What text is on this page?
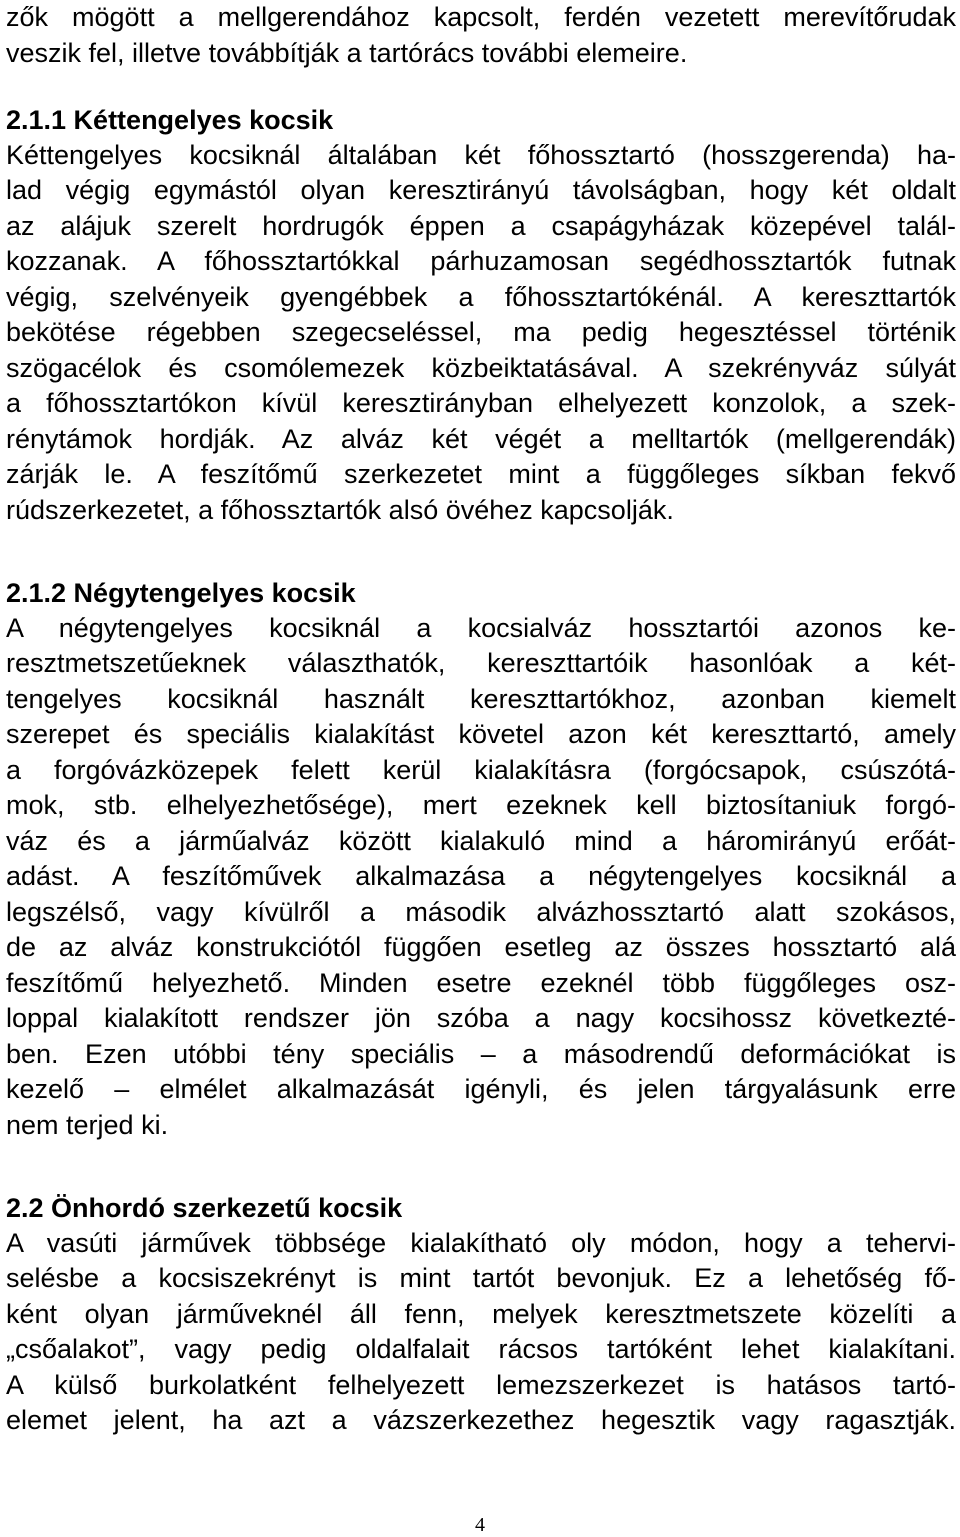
zők mögött a mellgerendához kapcsolt, ferdén vezetett merevítőrudak
veszik fel, illetve továbbítják a tartórács további elemeire.

2.1.1 Kéttengelyes kocsik

Kéttengelyes kocsiknál általában két főhossztartó (hosszgerenda) ha-
lad végig egymástól olyan keresztirányú távolságban, hogy két oldalt
az alájuk szerelt hordrugók éppen a csapágyházak közepével talál-
kozzanak. A főhossztartókkal párhuzamosan segédhossztartók futnak
végig, szelvényeik gyengébbek a főhossztartókénál. A kereszttartók
bekötése régebben szegecseléssel, ma pedig hegesztéssel történik
szögacélok és csomólemezek közbeiktatásával. A szekrényváz súlyát
a főhossztartókon kívül keresztirányban elhelyezett konzolok, a szek-
rénytámok hordják. Az alváz két végét a melltartók (mellgerendák)
zárják le. A feszítőmű szerkezetet mint a függőleges síkban fekvő
rúdszerkezetet, a főhossztartók alsó övéhez kapcsolják.

2.1.2 Négytengelyes kocsik

A négytengelyes kocsiknál a kocsialváz hossztartói azonos ke-
resztmetszetűeknek választhatók, kereszttartóik hasonlóak a két-
tengelyes kocsiknál használt kereszttartókhoz, azonban kiemelt
szerepet és speciális kialakítást követel azon két kereszttartó, amely
a forgóvázközepek felett kerül kialakításra (forgócsapok, csúszótá-
mok, stb. elhelyezhetősége), mert ezeknek kell biztosítaniuk forgó-
váz és a járműalváz között kialakuló mind a háromirányú erőát-
adást. A feszítőművek alkalmazása a négytengelyes kocsiknál a
legszélső, vagy kívülről a második alvázhossztartó alatt szokásos,
de az alváz konstrukciótól függően esetleg az összes hossztartó alá
feszítőmű helyezhető. Minden esetre ezeknél több függőleges osz-
loppal kialakított rendszer jön szóba a nagy kocsihossz következté-
ben. Ezen utóbbi tény speciális – a másodrendű deformációkat is
kezelő – elmélet alkalmazását igényli, és jelen tárgyalásunk erre
nem terjed ki.

2.2 Önhordó szerkezetű kocsik

A vasúti járművek többsége kialakítható oly módon, hogy a tehervi-
selésbe a kocsiszekrényt is mint tartót bevonjuk. Ez a lehetőség fő-
ként olyan járműveknél áll fenn, melyek keresztmetszete közelíti a
„csőalakot”, vagy pedig oldalfalait rácsos tartóként lehet kialakítani.
A külső burkolatként felhelyezett lemezszerkezet is hatásos tartó-
elemet jelent, ha azt a vázszerkezethez hegesztik vagy ragasztják.

4
